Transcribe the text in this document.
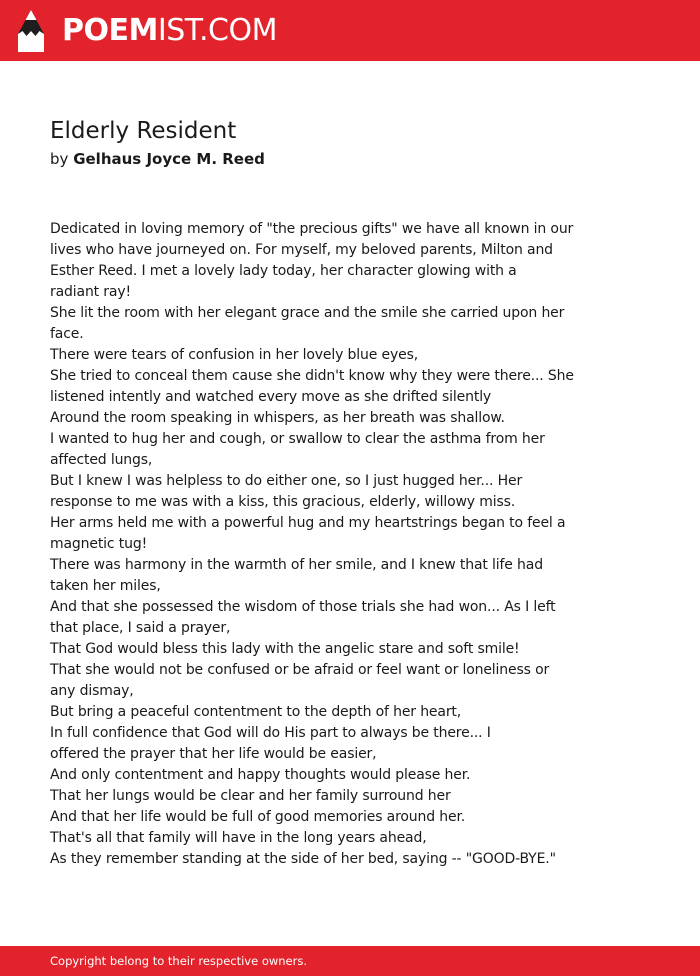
POEMIST.COM
Elderly Resident
by Gelhaus Joyce M. Reed
Dedicated in loving memory of "the precious gifts" we have all known in our
lives who have journeyed on. For myself, my beloved parents, Milton and
Esther Reed. I met a lovely lady today, her character glowing with a
radiant ray!
She lit the room with her elegant grace and the smile she carried upon her
face.
There were tears of confusion in her lovely blue eyes,
She tried to conceal them cause she didn't know why they were there... She
listened intently and watched every move as she drifted silently
Around the room speaking in whispers, as her breath was shallow.
I wanted to hug her and cough, or swallow to clear the asthma from her
affected lungs,
But I knew I was helpless to do either one, so I just hugged her... Her
response to me was with a kiss, this gracious, elderly, willowy miss.
Her arms held me with a powerful hug and my heartstrings began to feel a
magnetic tug!
There was harmony in the warmth of her smile, and I knew that life had
taken her miles,
And that she possessed the wisdom of those trials she had won... As I left
that place, I said a prayer,
That God would bless this lady with the angelic stare and soft smile!
That she would not be confused or be afraid or feel want or loneliness or
any dismay,
But bring a peaceful contentment to the depth of her heart,
In full confidence that God will do His part to always be there... I
offered the prayer that her life would be easier,
And only contentment and happy thoughts would please her.
That her lungs would be clear and her family surround her
And that her life would be full of good memories around her.
That's all that family will have in the long years ahead,
As they remember standing at the side of her bed, saying -- "GOOD-BYE."
Copyright belong to their respective owners.
